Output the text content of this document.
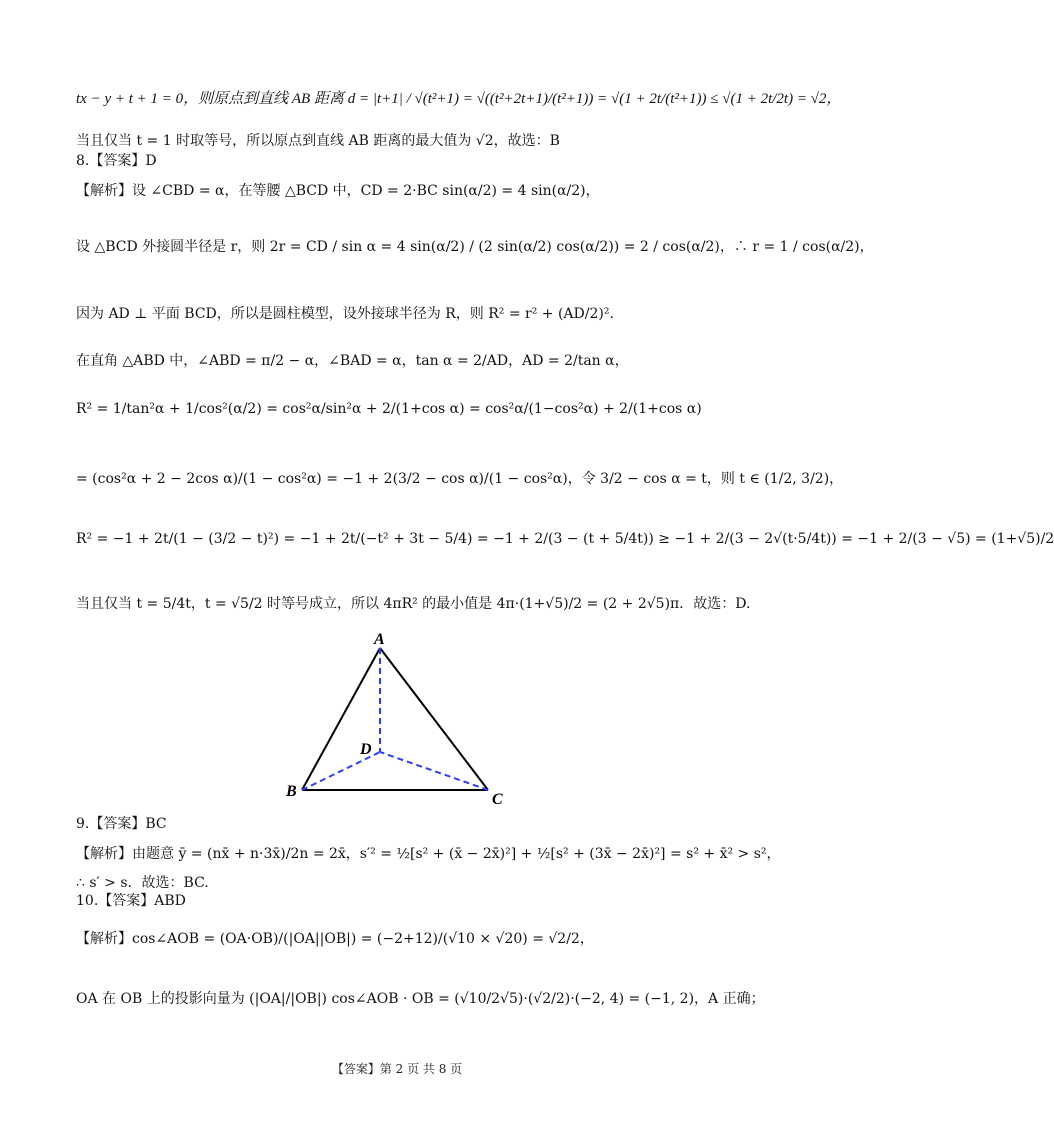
tx − y + t + 1 = 0，则原点到直线 AB 距离 d = |t+1| / √(t²+1) = √((t²+2t+1)/(t²+1)) = √(1 + 2t/(t²+1)) ≤ √(1 + 2t/2t) = √2，
当且仅当 t = 1 时取等号，所以原点到直线 AB 距离的最大值为 √2，故选：B
8.【答案】D
【解析】设 ∠CBD = α，在等腰 △BCD 中，CD = 2·BC sin(α/2) = 4 sin(α/2)，
设 △BCD 外接圆半径是 r，则 2r = CD / sin α = 4 sin(α/2) / (2 sin(α/2) cos(α/2)) = 2 / cos(α/2)，∴ r = 1 / cos(α/2)，
因为 AD ⊥ 平面 BCD，所以是圆柱模型，设外接球半径为 R，则 R² = r² + (AD/2)².
在直角 △ABD 中，∠ABD = π/2 − α，∠BAD = α，tan α = 2/AD，AD = 2/tan α，
R² = 1/tan²α + 1/cos²(α/2) = cos²α/sin²α + 2/(1+cos α) = cos²α/(1−cos²α) + 2/(1+cos α)
= (cos²α + 2 − 2cos α)/(1 − cos²α) = −1 + 2(3/2 − cos α)/(1 − cos²α)，令 3/2 − cos α = t，则 t ∈ (1/2, 3/2)，
R² = −1 + 2t/(1 − (3/2 − t)²) = −1 + 2t/(−t² + 3t − 5/4) = −1 + 2/(3 − (t + 5/4t)) ≥ −1 + 2/(3 − 2√(t·5/4t)) = −1 + 2/(3 − √5) = (1+√5)/2
当且仅当 t = 5/4t，t = √5/2 时等号成立，所以 4πR² 的最小值是 4π·(1+√5)/2 = (2 + 2√5)π．故选：D.
A
D
B	C
9.【答案】BC
【解析】由题意 ȳ = (nx̄ + n·3x̄)/2n = 2x̄，s′² = ½[s² + (x̄ − 2x̄)²] + ½[s² + (3x̄ − 2x̄)²] = s² + x̄² > s²，
∴ s′ > s．故选：BC.
10.【答案】ABD
【解析】cos∠AOB = (OA·OB)/(|OA||OB|) = (−2+12)/(√10 × √20) = √2/2，
OA 在 OB 上的投影向量为 (|OA|/|OB|) cos∠AOB · OB = (√10/2√5)·(√2/2)·(−2, 4) = (−1, 2)，A 正确；
【答案】第 2 页 共 8 页
